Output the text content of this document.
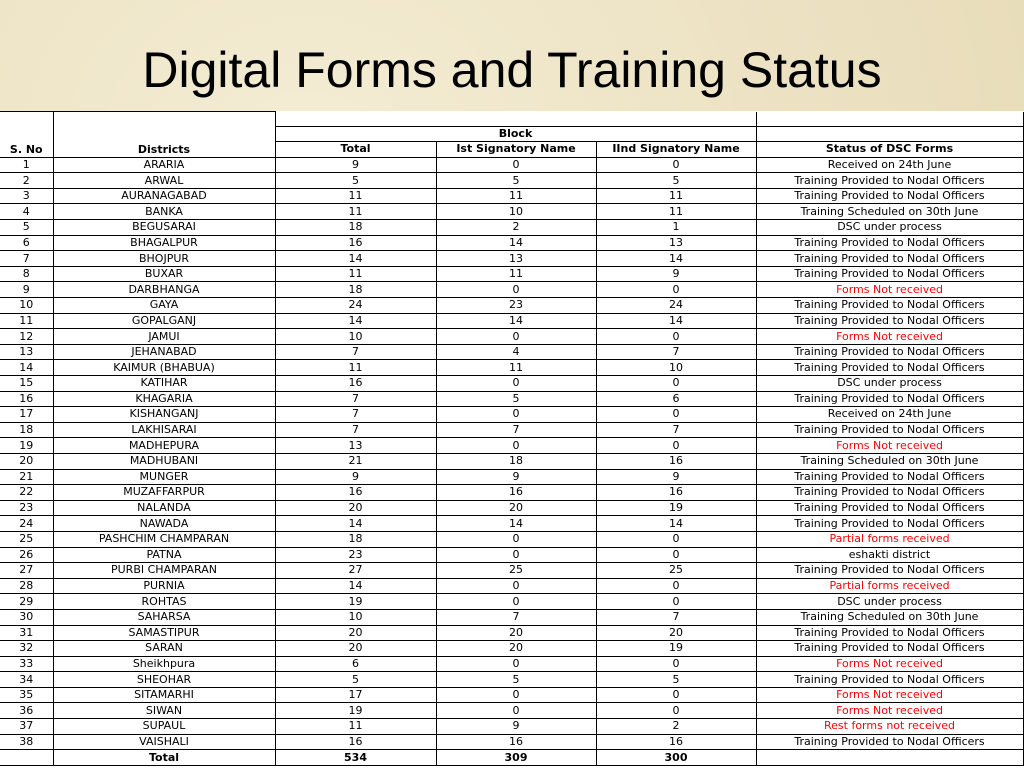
Digital Forms and Training Status
S. No	Districts				
		Block			
		Total	Ist Signatory Name	IInd Signatory Name	Status of DSC Forms
1	ARARIA	9	0	0	Received on 24th June
2	ARWAL	5	5	5	Training Provided to Nodal Officers
3	AURANAGABAD	11	11	11	Training Provided to Nodal Officers
4	BANKA	11	10	11	Training Scheduled on 30th June
5	BEGUSARAI	18	2	1	DSC under process
6	BHAGALPUR	16	14	13	Training Provided to Nodal Officers
7	BHOJPUR	14	13	14	Training Provided to Nodal Officers
8	BUXAR	11	11	9	Training Provided to Nodal Officers
9	DARBHANGA	18	0	0	Forms Not received
10	GAYA	24	23	24	Training Provided to Nodal Officers
11	GOPALGANJ	14	14	14	Training Provided to Nodal Officers
12	JAMUI	10	0	0	Forms Not received
13	JEHANABAD	7	4	7	Training Provided to Nodal Officers
14	KAIMUR (BHABUA)	11	11	10	Training Provided to Nodal Officers
15	KATIHAR	16	0	0	DSC under process
16	KHAGARIA	7	5	6	Training Provided to Nodal Officers
17	KISHANGANJ	7	0	0	Received on 24th June
18	LAKHISARAI	7	7	7	Training Provided to Nodal Officers
19	MADHEPURA	13	0	0	Forms Not received
20	MADHUBANI	21	18	16	Training Scheduled on 30th June
21	MUNGER	9	9	9	Training Provided to Nodal Officers
22	MUZAFFARPUR	16	16	16	Training Provided to Nodal Officers
23	NALANDA	20	20	19	Training Provided to Nodal Officers
24	NAWADA	14	14	14	Training Provided to Nodal Officers
25	PASHCHIM CHAMPARAN	18	0	0	Partial forms received
26	PATNA	23	0	0	eshakti district
27	PURBI CHAMPARAN	27	25	25	Training Provided to Nodal Officers
28	PURNIA	14	0	0	Partial forms received
29	ROHTAS	19	0	0	DSC under process
30	SAHARSA	10	7	7	Training Scheduled on 30th June
31	SAMASTIPUR	20	20	20	Training Provided to Nodal Officers
32	SARAN	20	20	19	Training Provided to Nodal Officers
33	Sheikhpura	6	0	0	Forms Not received
34	SHEOHAR	5	5	5	Training Provided to Nodal Officers
35	SITAMARHI	17	0	0	Forms Not received
36	SIWAN	19	0	0	Forms Not received
37	SUPAUL	11	9	2	Rest forms not received
38	VAISHALI	16	16	16	Training Provided to Nodal Officers
	Total	534	309	300	
